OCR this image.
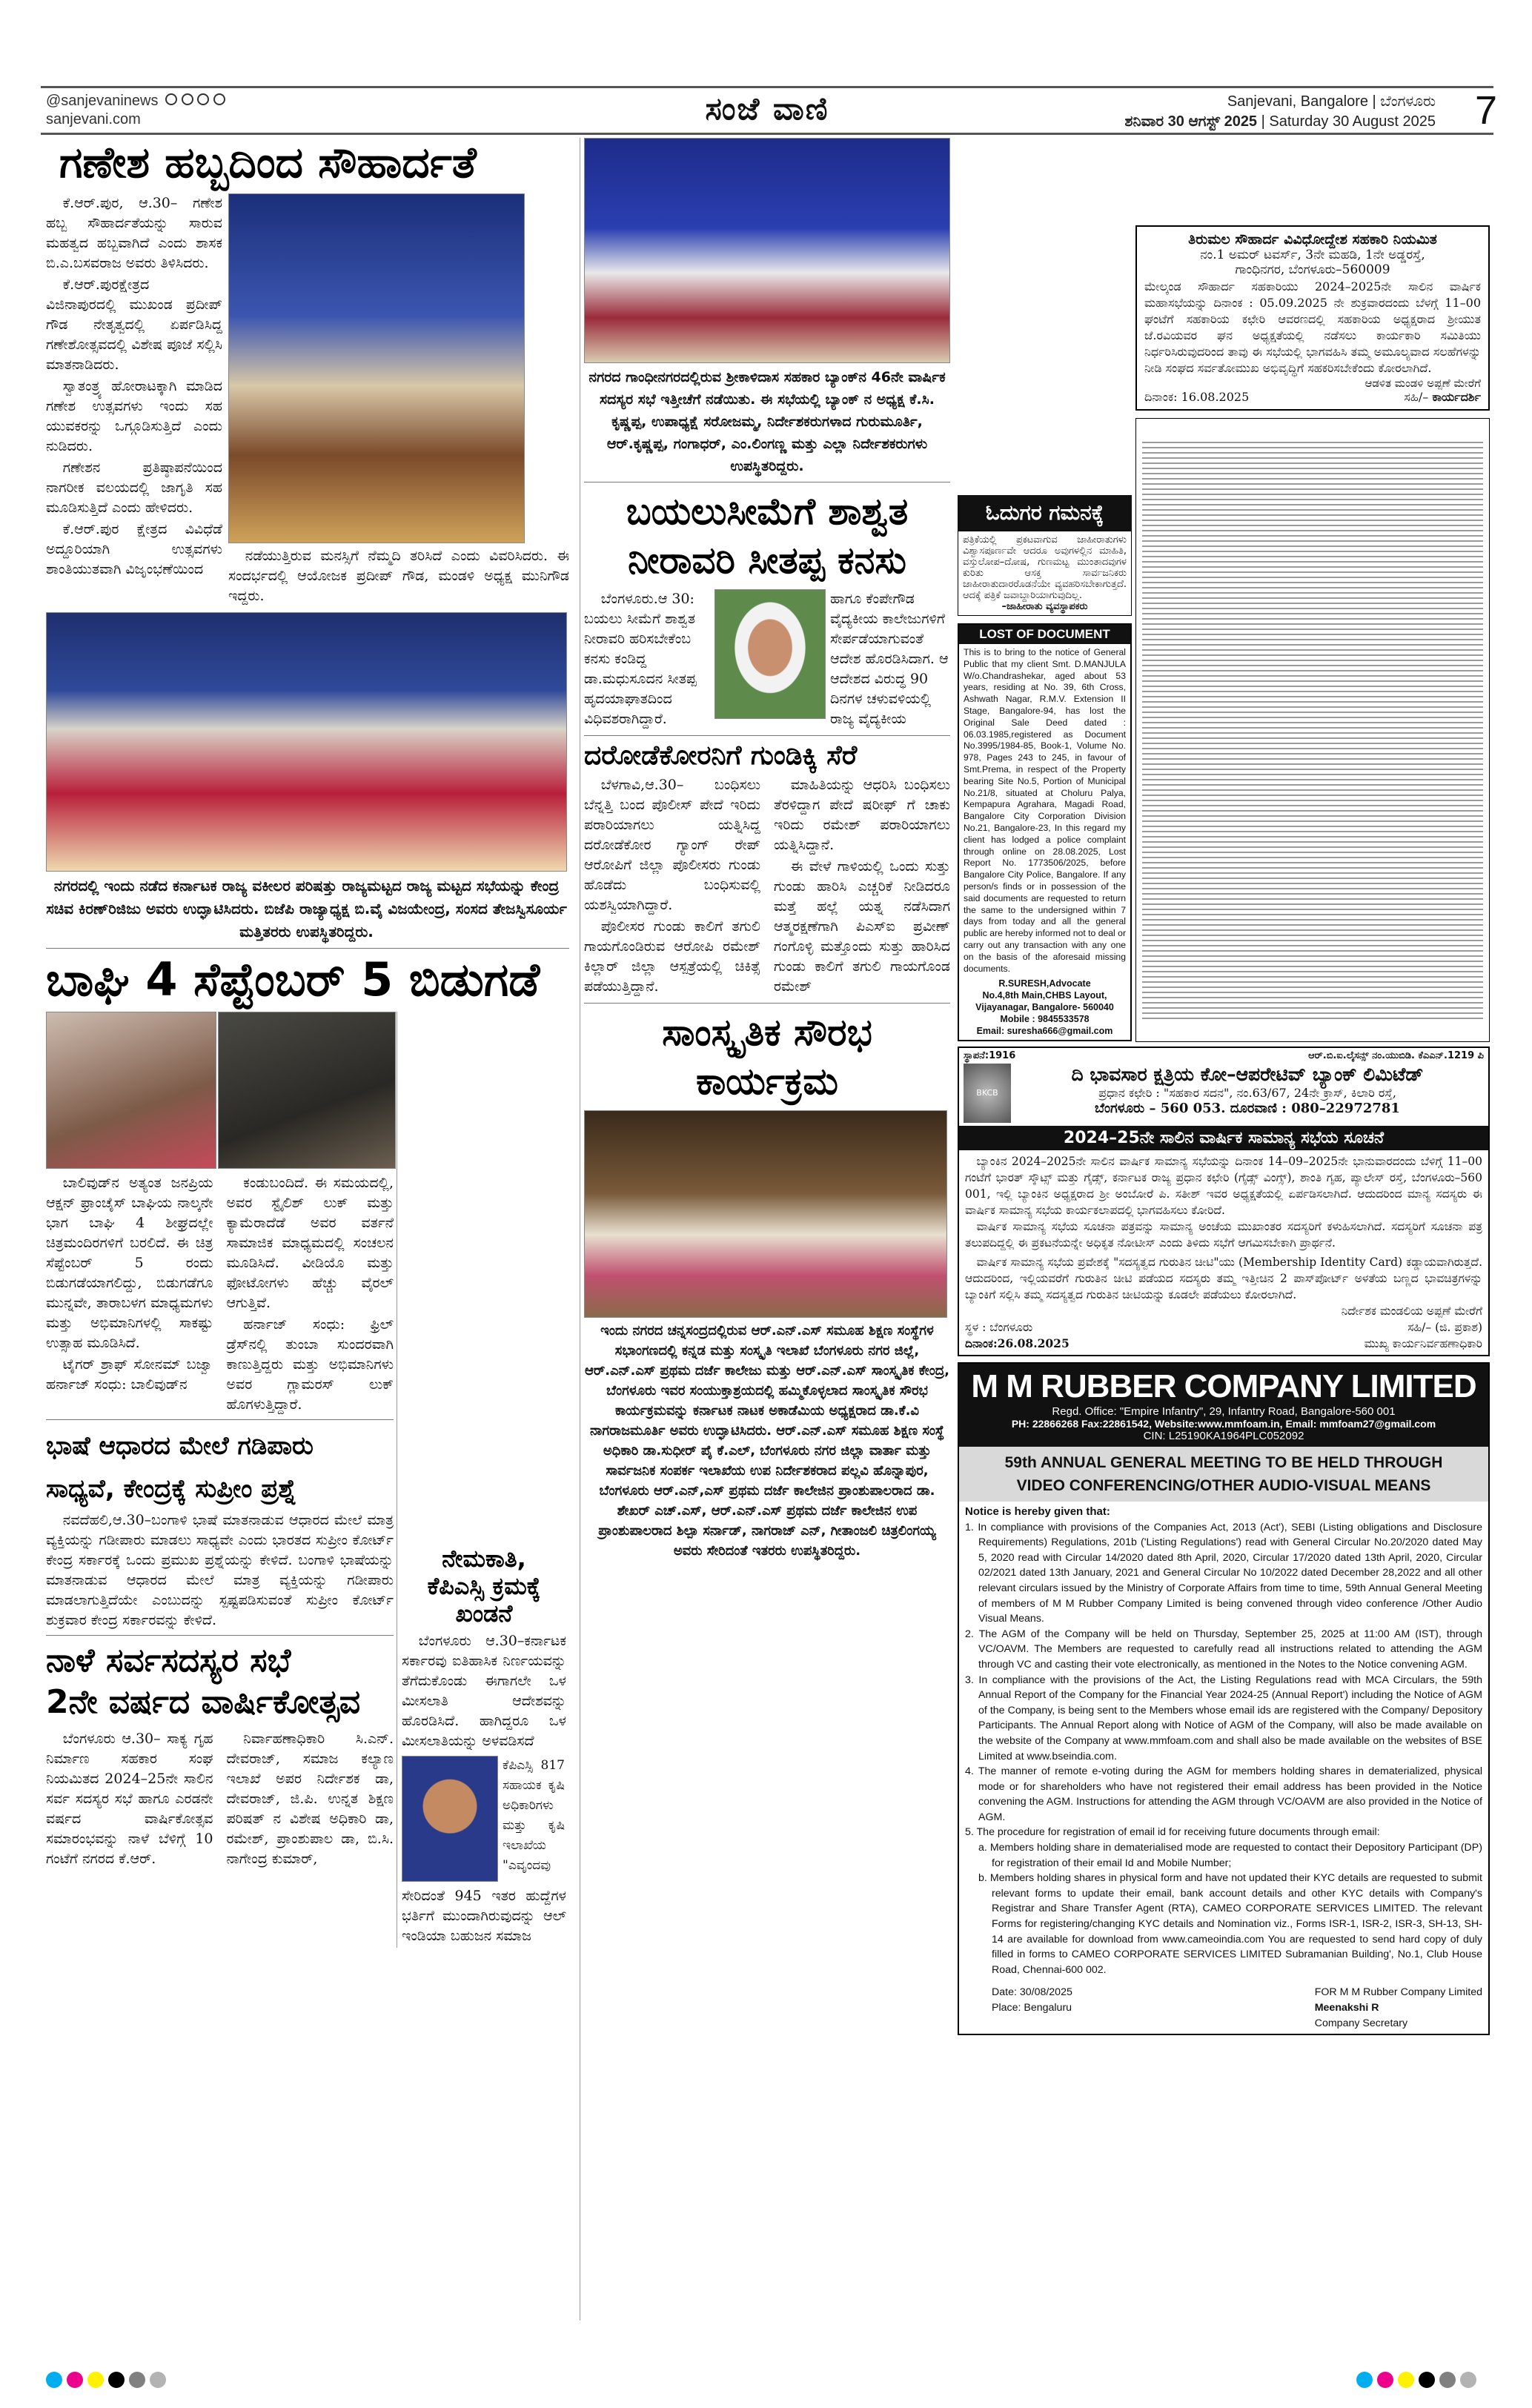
@sanjevaninews
sanjevani.com	ಸಂಜೆ ವಾಣಿ	Sanjevani, Bangalore | ಬೆಂಗಳೂರು
ಶನಿವಾರ 30 ಆಗಸ್ಟ್ 2025 | Saturday 30 August 2025 7
ಗಣೇಶ ಹಬ್ಬದಿಂದ ಸೌಹಾರ್ದತೆ

ಕೆ.ಆರ್.ಪುರ, ಆ.30– ಗಣೇಶ ಹಬ್ಬ ಸೌಹಾರ್ದತೆಯನ್ನು ಸಾರುವ ಮಹತ್ವದ ಹಬ್ಬವಾಗಿದೆ ಎಂದು ಶಾಸಕ ಬಿ.ಎ.ಬಸವರಾಜ ಅವರು ತಿಳಿಸಿದರು.

ಕೆ.ಆರ್.ಪುರಕ್ಷೇತ್ರದ ವಿಜಿನಾಪುರದಲ್ಲಿ ಮುಖಂಡ ಪ್ರದೀಪ್ ಗೌಡ ನೇತೃತ್ವದಲ್ಲಿ ಏರ್ಪಡಿಸಿದ್ದ ಗಣೇಶೋತ್ಸವದಲ್ಲಿ ವಿಶೇಷ ಪೂಜೆ ಸಲ್ಲಿಸಿ ಮಾತನಾಡಿದರು.

ಸ್ವಾತಂತ್ರ್ಯ ಹೋರಾಟಕ್ಕಾಗಿ ಮಾಡಿದ ಗಣೇಶ ಉತ್ಸವಗಳು ಇಂದು ಸಹ ಯುವಕರನ್ನು ಒಗ್ಗೂಡಿಸುತ್ತಿದೆ ಎಂದು ನುಡಿದರು.

ಗಣೇಶನ ಪ್ರತಿಷ್ಠಾಪನೆಯಿಂದ ನಾಗರೀಕ ವಲಯದಲ್ಲಿ ಜಾಗೃತಿ ಸಹ ಮೂಡಿಸುತ್ತಿದೆ ಎಂದು ಹೇಳಿದರು.

ಕೆ.ಆರ್.ಪುರ ಕ್ಷೇತ್ರದ ವಿವಿಧೆಡೆ ಅದ್ದೂರಿಯಾಗಿ ಉತ್ಸವಗಳು ಶಾಂತಿಯುತವಾಗಿ ವಿಜೃಂಭಣೆಯಿಂದ

ನಡೆಯುತ್ತಿರುವ ಮನಸ್ಸಿಗೆ ನೆಮ್ಮದಿ ತರಿಸಿದೆ ಎಂದು ವಿವರಿಸಿದರು. ಈ ಸಂದರ್ಭದಲ್ಲಿ ಆಯೋಜಕ ಪ್ರದೀಪ್ ಗೌಡ, ಮಂಡಳಿ ಅಧ್ಯಕ್ಷ ಮುನಿಗೌಡ ಇದ್ದರು.

ನಗರದಲ್ಲಿ ಇಂದು ನಡೆದ ಕರ್ನಾಟಕ ರಾಜ್ಯ ವಕೀಲರ ಪರಿಷತ್ತು ರಾಜ್ಯಮಟ್ಟದ ರಾಜ್ಯ ಮಟ್ಟದ ಸಭೆಯನ್ನು ಕೇಂದ್ರ ಸಚಿವ ಕಿರಣ್‌ರಿಜಿಜು ಅವರು ಉದ್ಘಾಟಿಸಿದರು. ಬಿಜೆಪಿ ರಾಜ್ಯಾಧ್ಯಕ್ಷ ಬಿ.ವೈ ವಿಜಯೇಂದ್ರ, ಸಂಸದ ತೇಜಸ್ವಿಸೂರ್ಯ ಮತ್ತಿತರರು ಉಪಸ್ಥಿತರಿದ್ದರು.
ಬಾಘಿ 4 ಸೆಪ್ಟೆಂಬರ್ 5 ಬಿಡುಗಡೆ

ಬಾಲಿವುಡ್‌ನ ಅತ್ಯಂತ ಜನಪ್ರಿಯ ಆಕ್ಷನ್ ಫ್ರಾಂಚೈಸ್ ಬಾಘಿಯ ನಾಲ್ಕನೇ ಭಾಗ ಬಾಘಿ 4 ಶೀಘ್ರದಲ್ಲೇ ಚಿತ್ರಮಂದಿರಗಳಿಗೆ ಬರಲಿದೆ. ಈ ಚಿತ್ರ ಸೆಪ್ಟೆಂಬರ್ 5 ರಂದು ಬಿಡುಗಡೆಯಾಗಲಿದ್ದು, ಬಿಡುಗಡೆಗೂ ಮುನ್ನವೇ, ತಾರಾಬಳಗ ಮಾಧ್ಯಮಗಳು ಮತ್ತು ಅಭಿಮಾನಿಗಳಲ್ಲಿ ಸಾಕಷ್ಟು ಉತ್ಸಾಹ ಮೂಡಿಸಿದೆ.

ಟೈಗರ್ ಶ್ರಾಫ್ ಸೋನಮ್ ಬಜ್ವಾ ಹರ್ನಾಜ್ ಸಂಧು: ಬಾಲಿವುಡ್‌ನ

ಕಂಡುಬಂದಿದೆ. ಈ ಸಮಯದಲ್ಲಿ, ಅವರ ಸ್ಟೈಲಿಶ್ ಲುಕ್ ಮತ್ತು ಕ್ಯಾಮೆರಾದೆಡೆ ಅವರ ವರ್ತನೆ ಸಾಮಾಜಿಕ ಮಾಧ್ಯಮದಲ್ಲಿ ಸಂಚಲನ ಮೂಡಿಸಿದೆ. ವೀಡಿಯೊ ಮತ್ತು ಫೋಟೋಗಳು ಹೆಚ್ಚು ವೈರಲ್ ಆಗುತ್ತಿವೆ.

ಹರ್ನಾಜ್ ಸಂಧು: ಫ್ರಿಲ್ ಡ್ರೆಸ್‌ನಲ್ಲಿ ತುಂಬಾ ಸುಂದರವಾಗಿ ಕಾಣುತ್ತಿದ್ದರು ಮತ್ತು ಅಭಿಮಾನಿಗಳು ಅವರ ಗ್ಲಾಮರಸ್ ಲುಕ್ ಹೊಗಳುತ್ತಿದ್ದಾರೆ.

ಭಾಷೆ ಆಧಾರದ ಮೇಲೆ ಗಡಿಪಾರು
ಸಾಧ್ಯವೆ, ಕೇಂದ್ರಕ್ಕೆ ಸುಪ್ರೀಂ ಪ್ರಶ್ನೆ

ನವದೆಹಲಿ,ಆ.30–ಬಂಗಾಳಿ ಭಾಷೆ ಮಾತನಾಡುವ ಆಧಾರದ ಮೇಲೆ ಮಾತ್ರ ವ್ಯಕ್ತಿಯನ್ನು ಗಡೀಪಾರು ಮಾಡಲು ಸಾಧ್ಯವೇ ಎಂದು ಭಾರತದ ಸುಪ್ರೀಂ ಕೋರ್ಟ್ ಕೇಂದ್ರ ಸರ್ಕಾರಕ್ಕೆ ಒಂದು ಪ್ರಮುಖ ಪ್ರಶ್ನೆಯನ್ನು ಕೇಳಿದೆ. ಬಂಗಾಳಿ ಭಾಷೆಯನ್ನು ಮಾತನಾಡುವ ಆಧಾರದ ಮೇಲೆ ಮಾತ್ರ ವ್ಯಕ್ತಿಯನ್ನು ಗಡೀಪಾರು ಮಾಡಲಾಗುತ್ತಿದೆಯೇ ಎಂಬುದನ್ನು ಸ್ಪಷ್ಟಪಡಿಸುವಂತೆ ಸುಪ್ರೀಂ ಕೋರ್ಟ್ ಶುಕ್ರವಾರ ಕೇಂದ್ರ ಸರ್ಕಾರವನ್ನು ಕೇಳಿದೆ.

ನಾಳೆ ಸರ್ವಸದಸ್ಯರ ಸಭೆ
2ನೇ ವರ್ಷದ ವಾರ್ಷಿಕೋತ್ಸವ

ಬೆಂಗಳೂರು ಆ.30– ಸಾಕ್ಯ ಗೃಹ ನಿರ್ಮಾಣ ಸಹಕಾರ ಸಂಘ ನಿಯಮಿತದ 2024–25ನೇ ಸಾಲಿನ ಸರ್ವ ಸದಸ್ಯರ ಸಭೆ ಹಾಗೂ ಎರಡನೇ ವರ್ಷದ ವಾರ್ಷಿಕೋತ್ಸವ ಸಮಾರಂಭವನ್ನು ನಾಳೆ ಬೆಳಿಗ್ಗೆ 10 ಗಂಟೆಗೆ ನಗರದ ಕೆ.ಆರ್.

ನಿರ್ವಾಹಣಾಧಿಕಾರಿ ಸಿ.ಎನ್. ದೇವರಾಜ್, ಸಮಾಜ ಕಲ್ಯಾಣ ಇಲಾಖೆ ಅಪರ ನಿರ್ದೇಶಕ ಡಾ, ದೇವರಾಜ್, ಜಿ.ಪಿ. ಉನ್ನತ ಶಿಕ್ಷಣ ಪರಿಷತ್ ನ ವಿಶೇಷ ಅಧಿಕಾರಿ ಡಾ, ರಮೇಶ್, ಪ್ರಾಂಶುಪಾಲ ಡಾ, ಬಿ.ಸಿ. ನಾಗೇಂದ್ರ ಕುಮಾರ್,

ನೇಮಕಾತಿ,
ಕೆಪಿಎಸ್ಸಿ ಕ್ರಮಕ್ಕೆ
ಖಂಡನೆ

ಬೆಂಗಳೂರು ಆ.30–ಕರ್ನಾಟಕ ಸರ್ಕಾರವು ಐತಿಹಾಸಿಕ ನಿರ್ಣಯವನ್ನು ತೆಗೆದುಕೊಂಡು ಈಗಾಗಲೇ ಒಳ ಮೀಸಲಾತಿ ಆದೇಶವನ್ನು ಹೊರಡಿಸಿದೆ. ಹಾಗಿದ್ದರೂ ಒಳ ಮೀಸಲಾತಿಯನ್ನು ಅಳವಡಿಸದೆ

ಕೆಪಿಎಸ್ಸಿ 817 ಸಹಾಯಕ ಕೃಷಿ ಅಧಿಕಾರಿಗಳು ಮತ್ತು ಕೃಷಿ ಇಲಾಖೆಯ "ಎವೃಂದವು

ಸೇರಿದಂತೆ 945 ಇತರ ಹುದ್ದೆಗಳ ಭರ್ತಿಗೆ ಮುಂದಾಗಿರುವುದನ್ನು ಆಲ್ ಇಂಡಿಯಾ ಬಹುಜನ ಸಮಾಜ

ನಗರದ ಗಾಂಧೀನಗರದಲ್ಲಿರುವ ಶ್ರೀಕಾಳಿದಾಸ ಸಹಕಾರ ಬ್ಯಾಂಕ್‌ನ 46ನೇ ವಾರ್ಷಿಕ ಸದಸ್ಯರ ಸಭೆ ಇತ್ತೀಚೆಗೆ ನಡೆಯಿತು. ಈ ಸಭೆಯಲ್ಲಿ ಬ್ಯಾಂಕ್ ನ ಅಧ್ಯಕ್ಷ ಕೆ.ಸಿ. ಕೃಷ್ಣಪ್ಪ, ಉಪಾಧ್ಯಕ್ಷೆ ಸರೋಜಮ್ಮ, ನಿರ್ದೇಶಕರುಗಳಾದ ಗುರುಮೂರ್ತಿ, ಆರ್.ಕೃಷ್ಣಪ್ಪ, ಗಂಗಾಧರ್, ಎಂ.ಲಿಂಗಣ್ಣ ಮತ್ತು ಎಲ್ಲಾ ನಿರ್ದೇಶಕರುಗಳು ಉಪಸ್ಥಿತರಿದ್ದರು.
ಬಯಲುಸೀಮೆಗೆ ಶಾಶ್ವತ
ನೀರಾವರಿ ಸೀತಪ್ಪ ಕನಸು

ಬೆಂಗಳೂರು.ಆ 30: ಬಯಲು ಸೀಮೆಗೆ ಶಾಶ್ವತ ನೀರಾವರಿ ಹರಿಸಬೇಕೆಂಬ ಕನಸು ಕಂಡಿದ್ದ ಡಾ.ಮಧುಸೂದನ ಸೀತಪ್ಪ ಹೃದಯಾಘಾತದಿಂದ ವಿಧಿವಶರಾಗಿದ್ದಾರೆ.

ಹಾಗೂ ಕೆಂಪೇಗೌಡ ವೈದ್ಯಕೀಯ ಕಾಲೇಜುಗಳಿಗೆ ಸೇರ್ಪಡೆಯಾಗುವಂತೆ ಆದೇಶ ಹೊರಡಿಸಿದಾಗ. ಆ ಆದೇಶದ ವಿರುದ್ಧ 90 ದಿನಗಳ ಚಳುವಳಿಯಲ್ಲಿ ರಾಜ್ಯ ವೈದ್ಯಕೀಯ

ದರೋಡೆಕೋರನಿಗೆ ಗುಂಡಿಕ್ಕಿ ಸೆರೆ

ಬೆಳಗಾವಿ,ಆ.30– ಬಂಧಿಸಲು ಬೆನ್ನತ್ತಿ ಬಂದ ಪೊಲೀಸ್ ಪೇದೆ ಇರಿದು ಪರಾರಿಯಾಗಲು ಯತ್ನಿಸಿದ್ದ ದರೋಡೆಕೋರ ಗ್ಯಾಂಗ್ ರೇಪ್ ಆರೋಪಿಗೆ ಜಿಲ್ಲಾ ಪೊಲೀಸರು ಗುಂಡು ಹೊಡೆದು ಬಂಧಿಸುವಲ್ಲಿ ಯಶಸ್ವಿಯಾಗಿದ್ದಾರೆ.

ಪೊಲೀಸರ ಗುಂಡು ಕಾಲಿಗೆ ತಗುಲಿ ಗಾಯಗೊಂಡಿರುವ ಆರೋಪಿ ರಮೇಶ್ ಕಿಲ್ಲಾರ್ ಜಿಲ್ಲಾ ಆಸ್ಪತ್ರೆಯಲ್ಲಿ ಚಿಕಿತ್ಸೆ ಪಡೆಯುತ್ತಿದ್ದಾನೆ.

ಮಾಹಿತಿಯನ್ನು ಆಧರಿಸಿ ಬಂಧಿಸಲು ತೆರಳಿದ್ದಾಗ ಪೇದೆ ಷರೀಫ್ ಗೆ ಚಾಕು ಇರಿದು ರಮೇಶ್ ಪರಾರಿಯಾಗಲು ಯತ್ನಿಸಿದ್ದಾನೆ.

ಈ ವೇಳೆ ಗಾಳಿಯಲ್ಲಿ ಒಂದು ಸುತ್ತು ಗುಂಡು ಹಾರಿಸಿ ಎಚ್ಚರಿಕೆ ನೀಡಿದರೂ ಮತ್ತೆ ಹಲ್ಲೆ ಯತ್ನ ನಡೆಸಿದಾಗ ಆತ್ಮರಕ್ಷಣೆಗಾಗಿ ಪಿಎಸ್‌ಐ ಪ್ರವೀಣ್ ಗಂಗೊಳ್ಳಿ ಮತ್ತೊಂದು ಸುತ್ತು ಹಾರಿಸಿದ ಗುಂಡು ಕಾಲಿಗೆ ತಗುಲಿ ಗಾಯಗೊಂಡ ರಮೇಶ್

ಸಾಂಸ್ಕೃತಿಕ ಸೌರಭ
ಕಾರ್ಯಕ್ರಮ
ಇಂದು ನಗರದ ಚನ್ನಸಂದ್ರದಲ್ಲಿರುವ ಆರ್.ಎನ್.ಎಸ್ ಸಮೂಹ ಶಿಕ್ಷಣ ಸಂಸ್ಥೆಗಳ ಸಭಾಂಗಣದಲ್ಲಿ ಕನ್ನಡ ಮತ್ತು ಸಂಸ್ಕೃತಿ ಇಲಾಖೆ ಬೆಂಗಳೂರು ನಗರ ಜಿಲ್ಲೆ, ಆರ್.ಎನ್.ಎಸ್ ಪ್ರಥಮ ದರ್ಜೆ ಕಾಲೇಜು ಮತ್ತು ಆರ್.ಎನ್.ಎಸ್ ಸಾಂಸ್ಕೃತಿಕ ಕೇಂದ್ರ, ಬೆಂಗಳೂರು ಇವರ ಸಂಯುಕ್ತಾಶ್ರಯದಲ್ಲಿ ಹಮ್ಮಿಕೊಳ್ಳಲಾದ ಸಾಂಸ್ಕೃತಿಕ ಸೌರಭ ಕಾರ್ಯಕ್ರಮವನ್ನು ಕರ್ನಾಟಕ ನಾಟಕ ಅಕಾಡೆಮಿಯ ಅಧ್ಯಕ್ಷರಾದ ಡಾ.ಕೆ.ವಿ ನಾಗರಾಜಮೂರ್ತಿ ಅವರು ಉದ್ಘಾಟಿಸಿದರು. ಆರ್.ಎನ್.ಎಸ್ ಸಮೂಹ ಶಿಕ್ಷಣ ಸಂಸ್ಥೆ ಅಧಿಕಾರಿ ಡಾ.ಸುಧೀರ್ ಪೈ ಕೆ.ಎಲ್, ಬೆಂಗಳೂರು ನಗರ ಜಿಲ್ಲಾ ವಾರ್ತಾ ಮತ್ತು ಸಾರ್ವಜನಿಕ ಸಂಪರ್ಕ ಇಲಾಖೆಯ ಉಪ ನಿರ್ದೇಶಕರಾದ ಪಲ್ಲವಿ ಹೊನ್ನಾಪುರ, ಬೆಂಗಳೂರು ಆರ್.ಎನ್,ಎಸ್ ಪ್ರಥಮ ದರ್ಜೆ ಕಾಲೇಜಿನ ಪ್ರಾಂಶುಪಾಲರಾದ ಡಾ. ಶೇಖರ್ ಎಚ್.ಎಸ್, ಆರ್.ಎನ್.ಎಸ್ ಪ್ರಥಮ ದರ್ಜೆ ಕಾಲೇಜಿನ ಉಪ ಪ್ರಾಂಶುಪಾಲರಾದ ಶಿಲ್ಪಾ ಸರ್ನಾಡ್, ನಾಗರಾಜ್ ಎನ್, ಗೀತಾಂಜಲಿ ಚಿತ್ರಲಿಂಗಯ್ಯ ಅವರು ಸೇರಿದಂತೆ ಇತರರು ಉಪಸ್ಥಿತರಿದ್ದರು.
ಓದುಗರ ಗಮನಕ್ಕೆ
ಪತ್ರಿಕೆಯಲ್ಲಿ ಪ್ರಕಟವಾಗುವ ಜಾಹೀರಾತುಗಳು ವಿಶ್ವಾಸಪೂರ್ಣವೇ ಆದರೂ ಅವುಗಳಲ್ಲಿನ ಮಾಹಿತಿ, ವಸ್ತುಲೋಪ–ದೋಷ, ಗುಣಮಟ್ಟ ಮುಂತಾದವುಗಳ ಕುರಿತು ಆಸಕ್ತ ಸಾರ್ವಜನಿಕರು ಜಾಹೀರಾತುದಾರರೊಡನೆಯೇ ವ್ಯವಹರಿಸಬೇಕಾಗುತ್ತದೆ. ಆದಕ್ಕೆ ಪತ್ರಿಕೆ ಜವಾಬ್ದಾರಿಯಾಗುವುದಿಲ್ಲ.
–ಜಾಹೀರಾತು ವ್ಯವಸ್ಥಾಪಕರು
LOST OF DOCUMENT
This is to bring to the notice of General Public that my client Smt. D.MANJULA W/o.Chandrashekar, aged about 53 years, residing at No. 39, 6th Cross, Ashwath Nagar, R.M.V. Extension II Stage, Bangalore-94, has lost the Original Sale Deed dated : 06.03.1985,registered as Document No.3995/1984-85, Book-1, Volume No. 978, Pages 243 to 245, in favour of Smt.Prema, in respect of the Property bearing Site No.5, Portion of Municipal No.21/8, situated at Choluru Palya, Kempapura Agrahara, Magadi Road, Bangalore City Corporation Division No.21, Bangalore-23, In this regard my client has lodged a police complaint through online on 28.08.2025, Lost Report No. 1773506/2025, before Bangalore City Police, Bangalore. If any person/s finds or in possession of the said documents are requested to return the same to the undersigned within 7 days from today and all the general public are hereby informed not to deal or carry out any transaction with any one on the basis of the aforesaid missing documents.
R.SURESH,Advocate
No.4,8th Main,CHBS Layout,
Vijayanagar, Bangalore- 560040
Mobile : 9845533578
Email: suresha666@gmail.com
ತಿರುಮಲ ಸೌಹಾರ್ದ ವಿವಿಧೋದ್ದೇಶ ಸಹಕಾರಿ ನಿಯಮಿತ
ನಂ.1 ಅಮರ್ ಟವರ್ಸ್, 3ನೇ ಮಹಡಿ, 1ನೇ ಅಡ್ಡರಸ್ತೆ,
ಗಾಂಧಿನಗರ, ಬೆಂಗಳೂರು–560009
ಮೇಲ್ಕಂಡ ಸೌಹಾರ್ದ ಸಹಕಾರಿಯು 2024–2025ನೇ ಸಾಲಿನ ವಾರ್ಷಿಕ ಮಹಾಸಭೆಯನ್ನು ದಿನಾಂಕ : 05.09.2025 ನೇ ಶುಕ್ರವಾರದಂದು ಬೆಳಗ್ಗೆ 11–00 ಘಂಟೆಗೆ ಸಹಕಾರಿಯ ಕಛೇರಿ ಆವರಣದಲ್ಲಿ ಸಹಕಾರಿಯ ಅಧ್ಯಕ್ಷರಾದ ಶ್ರೀಯುತ ಜೆ.ರವಿಯವರ ಘನ ಅಧ್ಯಕ್ಷತೆಯಲ್ಲಿ ನಡೆಸಲು ಕಾರ್ಯಕಾರಿ ಸಮಿತಿಯು ನಿರ್ಧರಿಸಿರುವುದರಿಂದ ತಾವು ಈ ಸಭೆಯಲ್ಲಿ ಭಾಗವಹಿಸಿ ತಮ್ಮ ಅಮೂಲ್ಯವಾದ ಸಲಹೆಗಳನ್ನು ನೀಡಿ ಸಂಘದ ಸರ್ವತೋಮುಖ ಅಭಿವೃದ್ಧಿಗೆ ಸಹಕರಿಸಬೇಕೆಂದು ಕೋರಲಾಗಿದೆ.
ಆಡಳಿತ ಮಂಡಳಿ ಅಪ್ಪಣೆ ಮೇರೆಗೆ
ದಿನಾಂಕ: 16.08.2025	ಸಹಿ/– ಕಾರ್ಯದರ್ಶಿ
ಸ್ಥಾಪನೆ:1916	ಆರ್.ಬಿ.ಐ.ಲೈಸನ್ಸ್ ನಂ.ಯುಬಿಡಿ. ಕೆಎಎನ್.1219 ಪಿ
BKCB
ದಿ ಭಾವಸಾರ ಕ್ಷತ್ರಿಯ ಕೋ–ಆಪರೇಟಿವ್ ಬ್ಯಾಂಕ್ ಲಿಮಿಟೆಡ್
ಪ್ರಧಾನ ಕಛೇರಿ : "ಸಹಕಾರ ಸದನ", ನಂ.63/67, 24ನೇ ಕ್ರಾಸ್, ಕಿಲಾರಿ ರಸ್ತೆ,
ಬೆಂಗಳೂರು – 560 053. ದೂರವಾಣಿ : 080–22972781
2024–25ನೇ ಸಾಲಿನ ವಾರ್ಷಿಕ ಸಾಮಾನ್ಯ ಸಭೆಯ ಸೂಚನೆ

ಬ್ಯಾಂಕಿನ 2024–2025ನೇ ಸಾಲಿನ ವಾರ್ಷಿಕ ಸಾಮಾನ್ಯ ಸಭೆಯನ್ನು ದಿನಾಂಕ 14–09–2025ನೇ ಭಾನುವಾರದಂದು ಬೆಳಿಗ್ಗೆ 11–00 ಗಂಟೆಗೆ ಭಾರತ್ ಸ್ಕೌಟ್ಸ್ ಮತ್ತು ಗೈಡ್ಸ್, ಕರ್ನಾಟಕ ರಾಜ್ಯ ಪ್ರಧಾನ ಕಛೇರಿ (ಗೈಡ್ಸ್ ವಿಂಗ್ಸ್), ಶಾಂತಿ ಗೃಹ, ಪ್ಯಾಲೇಸ್ ರಸ್ತೆ, ಬೆಂಗಳೂರು–560 001, ಇಲ್ಲಿ ಬ್ಯಾಂಕಿನ ಅಧ್ಯಕ್ಷರಾದ ಶ್ರೀ ಅಂಬೋರೆ ಪಿ. ಸತೀಶ್ ಇವರ ಅಧ್ಯಕ್ಷತೆಯಲ್ಲಿ ಏರ್ಪಡಿಸಲಾಗಿದೆ. ಆದುದರಿಂದ ಮಾನ್ಯ ಸದಸ್ಯರು ಈ ವಾರ್ಷಿಕ ಸಾಮಾನ್ಯ ಸಭೆಯ ಕಾರ್ಯಕಲಾಪದಲ್ಲಿ ಭಾಗವಹಿಸಲು ಕೋರಿದೆ.

ವಾರ್ಷಿಕ ಸಾಮಾನ್ಯ ಸಭೆಯ ಸೂಚನಾ ಪತ್ರವನ್ನು ಸಾಮಾನ್ಯ ಅಂಚೆಯ ಮುಖಾಂತರ ಸದಸ್ಯರಿಗೆ ಕಳುಹಿಸಲಾಗಿದೆ. ಸದಸ್ಯರಿಗೆ ಸೂಚನಾ ಪತ್ರ ತಲುಪದಿದ್ದಲ್ಲಿ ಈ ಪ್ರಕಟನೆಯನ್ನೇ ಅಧಿಕೃತ ನೋಟೀಸ್ ಎಂದು ತಿಳಿದು ಸಭೆಗೆ ಆಗಮಿಸಬೇಕಾಗಿ ಪ್ರಾರ್ಥನೆ.

ವಾರ್ಷಿಕ ಸಾಮಾನ್ಯ ಸಭೆಯ ಪ್ರವೇಶಕ್ಕೆ "ಸದಸ್ಯತ್ವದ ಗುರುತಿನ ಚೀಟಿ"ಯು (Membership Identity Card) ಕಡ್ಡಾಯವಾಗಿರುತ್ತದೆ. ಆದುದರಿಂದ, ಇಲ್ಲಿಯವರೆಗೆ ಗುರುತಿನ ಚೀಟಿ ಪಡೆಯದ ಸದಸ್ಯರು ತಮ್ಮ ಇತ್ತೀಚಿನ 2 ಪಾಸ್‌ಪೋರ್ಟ್ ಅಳತೆಯ ಬಣ್ಣದ ಭಾವಚಿತ್ರಗಳನ್ನು ಬ್ಯಾಂಕಿಗೆ ಸಲ್ಲಿಸಿ ತಮ್ಮ ಸದಸ್ಯತ್ವದ ಗುರುತಿನ ಚೀಟಿಯನ್ನು ಕೂಡಲೇ ಪಡೆಯಲು ಕೋರಲಾಗಿದೆ.

ನಿರ್ದೇಶಕ ಮಂಡಲಿಯ ಅಪ್ಪಣೆ ಮೇರೆಗೆ
ಸ್ಥಳ : ಬೆಂಗಳೂರು	ಸಹಿ/– (ಜಿ. ಪ್ರಕಾಶ)
ದಿನಾಂಕ:26.08.2025	ಮುಖ್ಯ ಕಾರ್ಯನಿರ್ವಹಣಾಧಿಕಾರಿ
M M RUBBER COMPANY LIMITED
Regd. Office: "Empire Infantry", 29, Infantry Road, Bangalore-560 001
PH: 22866268 Fax:22861542, Website:www.mmfoam.in, Email: mmfoam27@gmail.com
CIN: L25190KA1964PLC052092
59th ANNUAL GENERAL MEETING TO BE HELD THROUGH
VIDEO CONFERENCING/OTHER AUDIO-VISUAL MEANS
Notice is hereby given that:

1. In compliance with provisions of the Companies Act, 2013 (Act'), SEBI (Listing obligations and Disclosure Requirements) Regulations, 201b ('Listing Regulations') read with General Circular No.20/2020 dated May 5, 2020 read with Circular 14/2020 dated 8th April, 2020, Circular 17/2020 dated 13th April, 2020, Circular 02/2021 dated 13th January, 2021 and General Circular No 10/2022 dated December 28,2022 and all other relevant circulars issued by the Ministry of Corporate Affairs from time to time, 59th Annual General Meeting of members of M M Rubber Company Limited is being convened through video conference /Other Audio Visual Means.

2. The AGM of the Company will be held on Thursday, September 25, 2025 at 11:00 AM (IST), through VC/OAVM. The Members are requested to carefully read all instructions related to attending the AGM through VC and casting their vote electronically, as mentioned in the Notes to the Notice convening AGM.

3. In compliance with the provisions of the Act, the Listing Regulations read with MCA Circulars, the 59th Annual Report of the Company for the Financial Year 2024-25 (Annual Report') including the Notice of AGM of the Company, is being sent to the Members whose email ids are registered with the Company/ Depository Participants. The Annual Report along with Notice of AGM of the Company, will also be made available on the website of the Company at www.mmfoam.com and shall also be made available on the websites of BSE Limited at www.bseindia.com.

4. The manner of remote e-voting during the AGM for members holding shares in dematerialized, physical mode or for shareholders who have not registered their email address has been provided in the Notice convening the AGM. Instructions for attending the AGM through VC/OAVM are also provided in the Notice of AGM.

5. The procedure for registration of email id for receiving future documents through email:

a. Members holding share in dematerialised mode are requested to contact their Depository Participant (DP) for registration of their email Id and Mobile Number;

b. Members holding shares in physical form and have not updated their KYC details are requested to submit relevant forms to update their email, bank account details and other KYC details with Company's Registrar and Share Transfer Agent (RTA), CAMEO CORPORATE SERVICES LIMITED. The relevant Forms for registering/changing KYC details and Nomination viz., Forms ISR-1, ISR-2, ISR-3, SH-13, SH-14 are available for download from www.cameoindia.com You are requested to send hard copy of duly filled in forms to CAMEO CORPORATE SERVICES LIMITED Subramanian Building', No.1, Club House Road, Chennai-600 002.

Date: 30/08/2025
Place: Bengaluru
FOR M M Rubber Company Limited
Meenakshi R
Company Secretary
